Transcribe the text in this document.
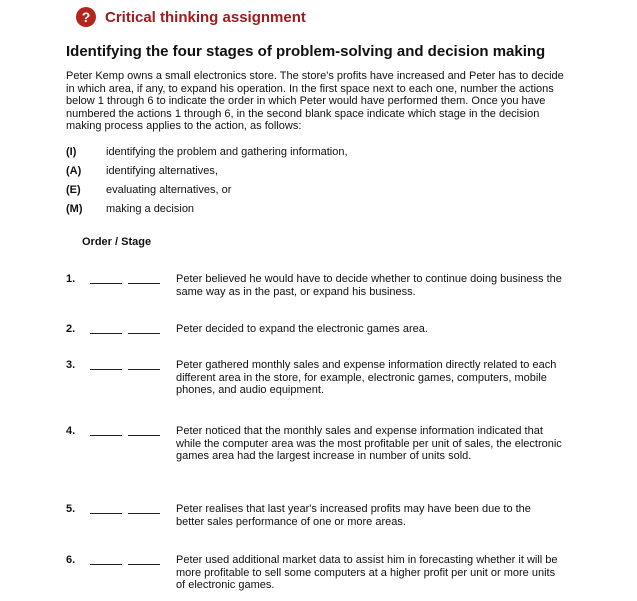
? Critical thinking assignment
Identifying the four stages of problem-solving and decision making

Peter Kemp owns a small electronics store. The store's profits have increased and Peter has to decide in which area, if any, to expand his operation. In the first space next to each one, number the actions below 1 through 6 to indicate the order in which Peter would have performed them. Once you have numbered the actions 1 through 6, in the second blank space indicate which stage in the decision making process applies to the action, as follows:

(I)	identifying the problem and gathering information,
(A)	identifying alternatives,
(E)	evaluating alternatives, or
(M)	making a decision
Order / Stage
1.	Peter believed he would have to decide whether to continue doing business the same way as in the past, or expand his business.

2.	Peter decided to expand the electronic games area.

3.	Peter gathered monthly sales and expense information directly related to each different area in the store, for example, electronic games, computers, mobile phones, and audio equipment.

4.	Peter noticed that the monthly sales and expense information indicated that while the computer area was the most profitable per unit of sales, the electronic games area had the largest increase in number of units sold.

5.	Peter realises that last year's increased profits may have been due to the better sales performance of one or more areas.

6.	Peter used additional market data to assist him in forecasting whether it will be more profitable to sell some computers at a higher profit per unit or more units of electronic games.
